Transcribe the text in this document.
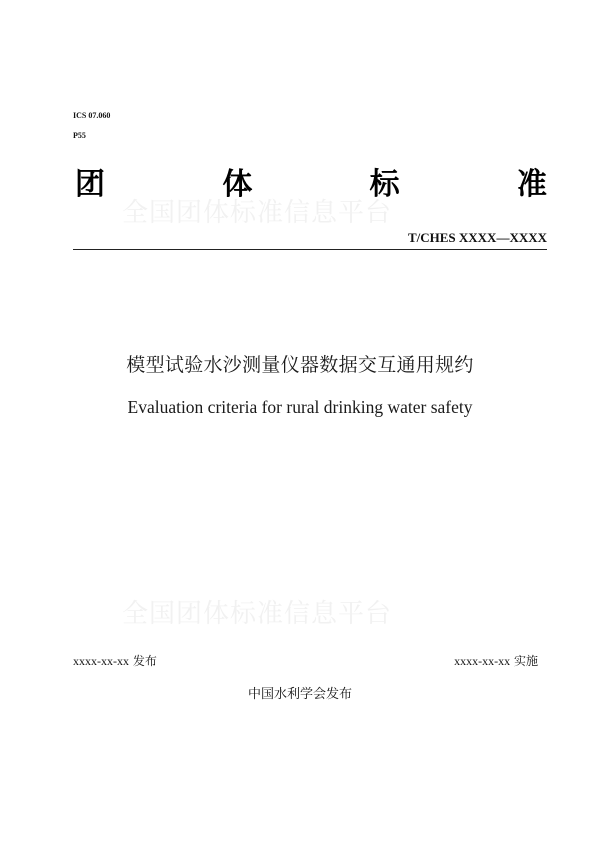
ICS 07.060
P55
全国团体标准信息平台
团	体	标	准
T/CHES XXXX—XXXX
模型试验水沙测量仪器数据交互通用规约
Evaluation criteria for rural drinking water safety
全国团体标准信息平台
xxxx-xx-xx 发布	xxxx-xx-xx 实施
中国水利学会发布
